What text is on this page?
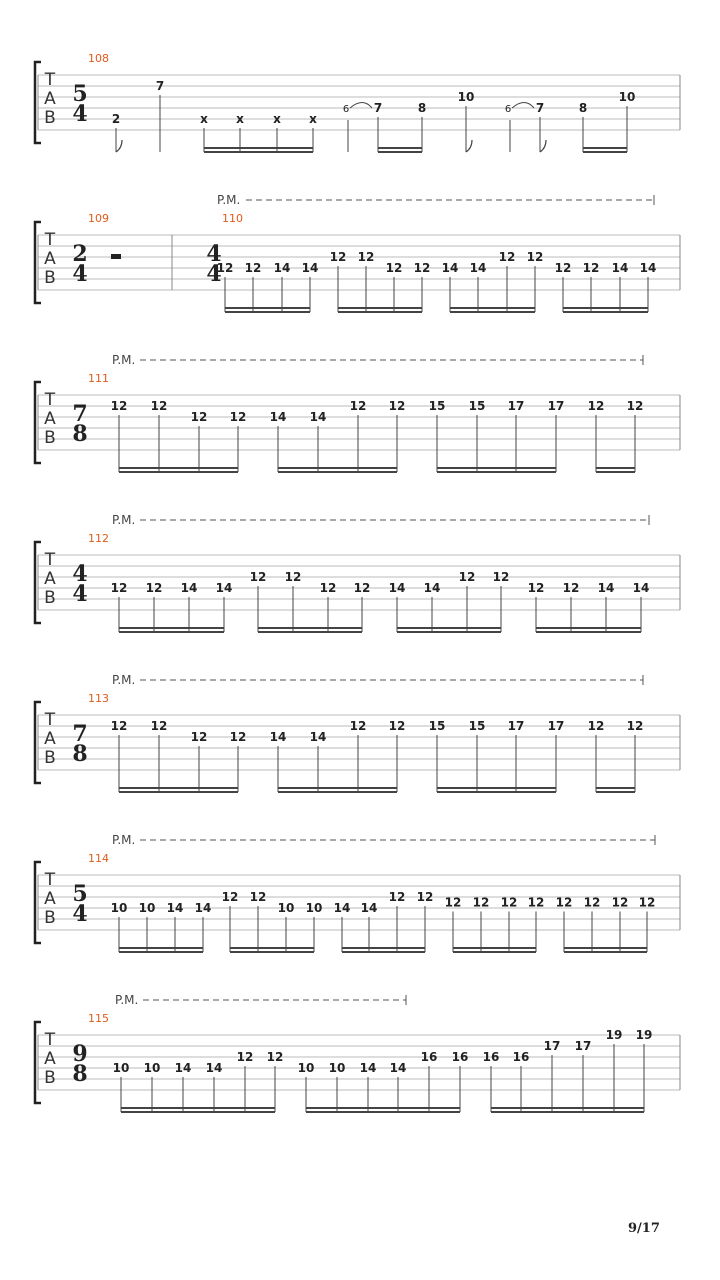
T
A
B
108
5
4 2
7
x x x x
6 7	8
10
6 7	8
10
T
A
B
P.M.
109
2
4
110
4
4
12 12 14 14
12 12
12 12 14 14
12 12
12 12 14 14
T
A
B
P.M.
111
7
8
12 12
12 12 14 14
12 12 15 15 17 17 12 12
T
A
B
P.M.
112
4
4 12 12 14 14
12 12
12 12 14 14
12 12
12 12 14 14
T
A
B
P.M.
113
7
8
12 12
12 12 14 14
12 12 15 15 17 17 12 12
T
A
B
P.M.
114
5
4 10 10 14 14
12 12
10 10 14 14
12 12 12 12 12 12 12 12 12 12
T
A
B
P.M.
115
9
8 10 10 14 14
12 12
10 10 14 14
16 16 16 16
17 17
19 19
9/17
